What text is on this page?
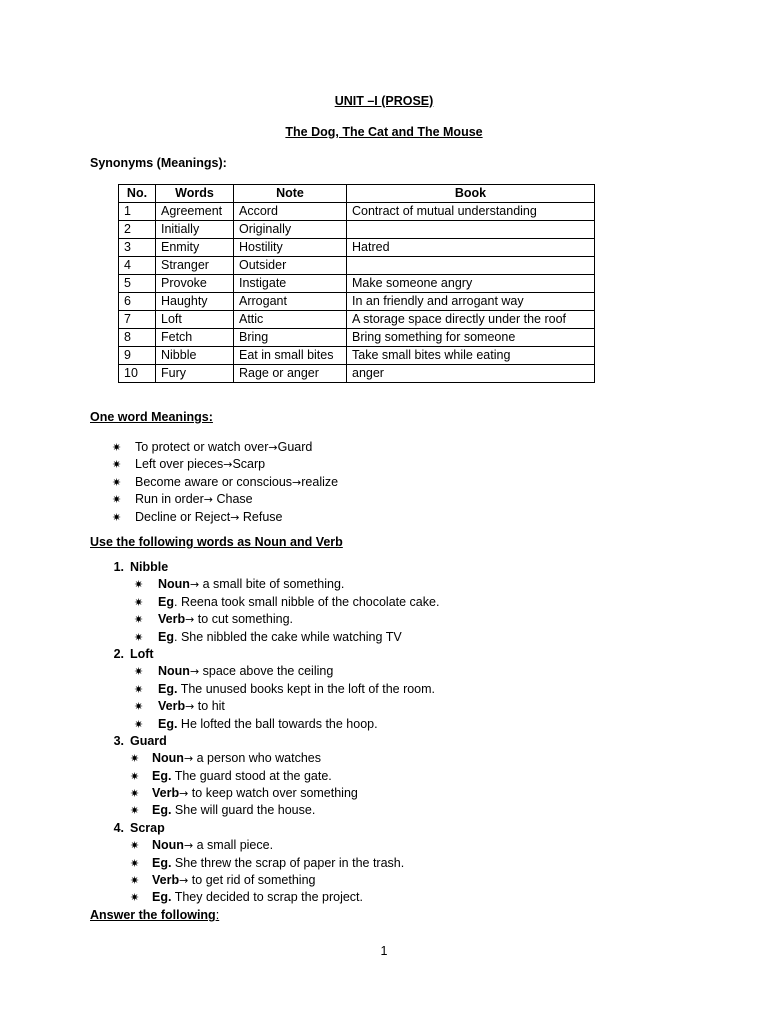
UNIT –I (PROSE)
The Dog, The Cat and The Mouse
Synonyms (Meanings):
No.	Words	Note	Book
1	Agreement	Accord	Contract of mutual understanding
2	Initially	Originally	
3	Enmity	Hostility	Hatred
4	Stranger	Outsider	
5	Provoke	Instigate	Make someone angry
6	Haughty	Arrogant	In an friendly and arrogant way
7	Loft	Attic	A storage space directly under the roof
8	Fetch	Bring	Bring something for someone
9	Nibble	Eat in small bites	Take small bites while eating
10	Fury	Rage or anger	anger
One word Meanings:
✷ To protect or watch over→Guard
✷ Left over pieces→Scarp
✷ Become aware or conscious→realize
✷ Run in order→ Chase
✷ Decline or Reject→ Refuse
Use the following words as Noun and Verb
1. Nibble
✷ Noun→ a small bite of something.
✷ Eg. Reena took small nibble of the chocolate cake.
✷ Verb→ to cut something.
✷ Eg. She nibbled the cake while watching TV
2. Loft
✷ Noun→ space above the ceiling
✷ Eg. The unused books kept in the loft of the room.
✷ Verb→ to hit
✷ Eg. He lofted the ball towards the hoop.
3. Guard
✷ Noun→ a person who watches
✷ Eg. The guard stood at the gate.
✷ Verb→ to keep watch over something
✷ Eg. She will guard the house.
4. Scrap
✷ Noun→ a small piece.
✷ Eg. She threw the scrap of paper in the trash.
✷ Verb→ to get rid of something
✷ Eg. They decided to scrap the project.
Answer the following:
1
